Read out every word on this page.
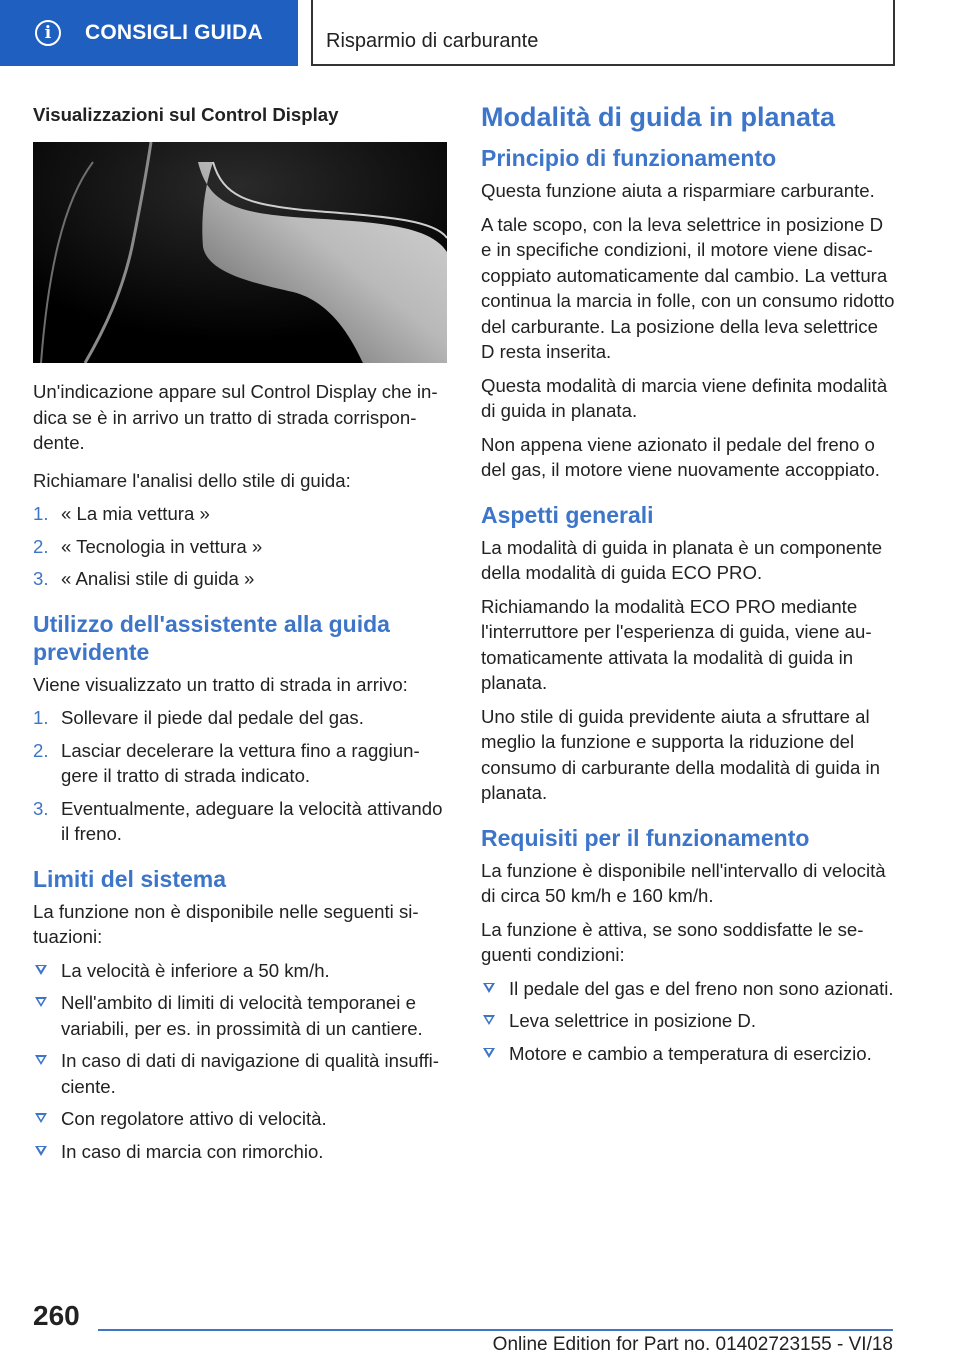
i CONSIGLI GUIDA	Risparmio di carburante
Visualizzazioni sul Control Display

Un'indicazione appare sul Control Display che indica se è in arrivo un tratto di strada corrispondente.

Richiamare l'analisi dello stile di guida:

1. « La mia vettura »
2. « Tecnologia in vettura »
3. « Analisi stile di guida »
Utilizzo dell'assistente alla guida previdente

Viene visualizzato un tratto di strada in arrivo:

1. Sollevare il piede dal pedale del gas.
2. Lasciar decelerare la vettura fino a raggiungere il tratto di strada indicato.
3. Eventualmente, adeguare la velocità attivando il freno.
Limiti del sistema

La funzione non è disponibile nelle seguenti situazioni:

La velocità è inferiore a 50 km/h.
Nell'ambito di limiti di velocità temporanei e variabili, per es. in prossimità di un cantiere.
In caso di dati di navigazione di qualità insufficiente.
Con regolatore attivo di velocità.
In caso di marcia con rimorchio.
Modalità di guida in planata
Principio di funzionamento

Questa funzione aiuta a risparmiare carburante.

A tale scopo, con la leva selettrice in posizione D e in specifiche condizioni, il motore viene disaccoppiato automaticamente dal cambio. La vettura continua la marcia in folle, con un consumo ridotto del carburante. La posizione della leva selettrice D resta inserita.

Questa modalità di marcia viene definita modalità di guida in planata.

Non appena viene azionato il pedale del freno o del gas, il motore viene nuovamente accoppiato.

Aspetti generali

La modalità di guida in planata è un componente della modalità di guida ECO PRO.

Richiamando la modalità ECO PRO mediante l'interruttore per l'esperienza di guida, viene automaticamente attivata la modalità di guida in planata.

Uno stile di guida previdente aiuta a sfruttare al meglio la funzione e supporta la riduzione del consumo di carburante della modalità di guida in planata.

Requisiti per il funzionamento

La funzione è disponibile nell'intervallo di velocità di circa 50 km/h e 160 km/h.

La funzione è attiva, se sono soddisfatte le seguenti condizioni:

Il pedale del gas e del freno non sono azionati.
Leva selettrice in posizione D.
Motore e cambio a temperatura di esercizio.
260
Online Edition for Part no. 01402723155 - VI/18
